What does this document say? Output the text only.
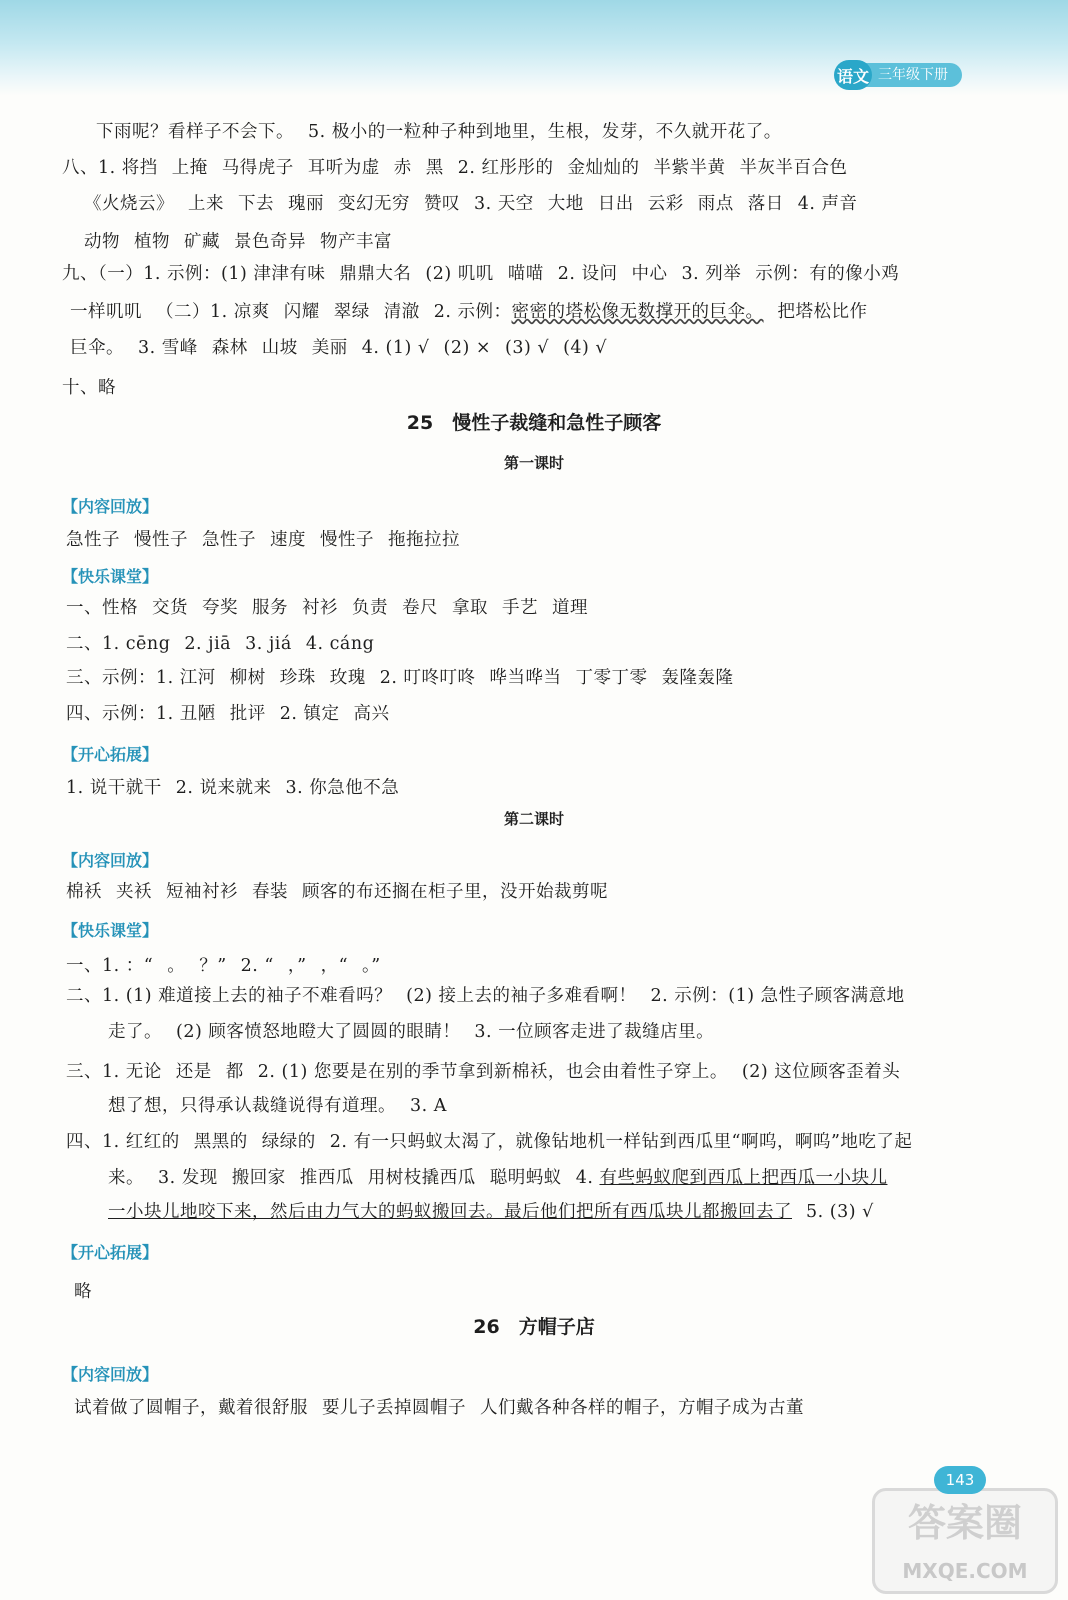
语文 三年级下册
下雨呢？看样子不会下。 5. 极小的一粒种子种到地里，生根，发芽，不久就开花了。
八、1. 将挡 上掩 马得虎子 耳听为虚 赤 黑 2. 红彤彤的 金灿灿的 半紫半黄 半灰半百合色
《火烧云》 上来 下去 瑰丽 变幻无穷 赞叹 3. 天空 大地 日出 云彩 雨点 落日 4. 声音
动物 植物 矿藏 景色奇异 物产丰富
九、（一）1. 示例：(1) 津津有味 鼎鼎大名 (2) 叽叽 喵喵 2. 设问 中心 3. 列举 示例：有的像小鸡
一样叽叽 （二）1. 凉爽 闪耀 翠绿 清澈 2. 示例：密密的塔松像无数撑开的巨伞。 把塔松比作
巨伞。 3. 雪峰 森林 山坡 美丽 4. (1) √ (2) × (3) √ (4) √
十、略
25　慢性子裁缝和急性子顾客
第一课时
【内容回放】
急性子 慢性子 急性子 速度 慢性子 拖拖拉拉
【快乐课堂】
一、性格 交货 夸奖 服务 衬衫 负责 卷尺 拿取 手艺 道理
二、1. cēng 2. jiā 3. jiá 4. cáng
三、示例：1. 江河 柳树 珍珠 玫瑰 2. 叮咚叮咚 哗当哗当 丁零丁零 轰隆轰隆
四、示例：1. 丑陋 批评 2. 镇定 高兴
【开心拓展】
1. 说干就干 2. 说来就来 3. 你急他不急
第二课时
【内容回放】
棉袄 夹袄 短袖衬衫 春装 顾客的布还搁在柜子里，没开始裁剪呢
【快乐课堂】
一、1. ：“ 。 ？” 2. “ ，” ，“ 。”
二、1. (1) 难道接上去的袖子不难看吗？ (2) 接上去的袖子多难看啊！ 2. 示例：(1) 急性子顾客满意地
走了。 (2) 顾客愤怒地瞪大了圆圆的眼睛！ 3. 一位顾客走进了裁缝店里。
三、1. 无论 还是 都 2. (1) 您要是在别的季节拿到新棉袄，也会由着性子穿上。 (2) 这位顾客歪着头
想了想，只得承认裁缝说得有道理。 3. A
四、1. 红红的 黑黑的 绿绿的 2. 有一只蚂蚁太渴了，就像钻地机一样钻到西瓜里“啊呜，啊呜”地吃了起
来。 3. 发现 搬回家 推西瓜 用树枝撬西瓜 聪明蚂蚁 4. 有些蚂蚁爬到西瓜上把西瓜一小块儿
一小块儿地咬下来，然后由力气大的蚂蚁搬回去。最后他们把所有西瓜块儿都搬回去了 5. (3) √
【开心拓展】
略
26　方帽子店
【内容回放】
试着做了圆帽子，戴着很舒服 要儿子丢掉圆帽子 人们戴各种各样的帽子，方帽子成为古董
答案圈
MXQE.COM
143
